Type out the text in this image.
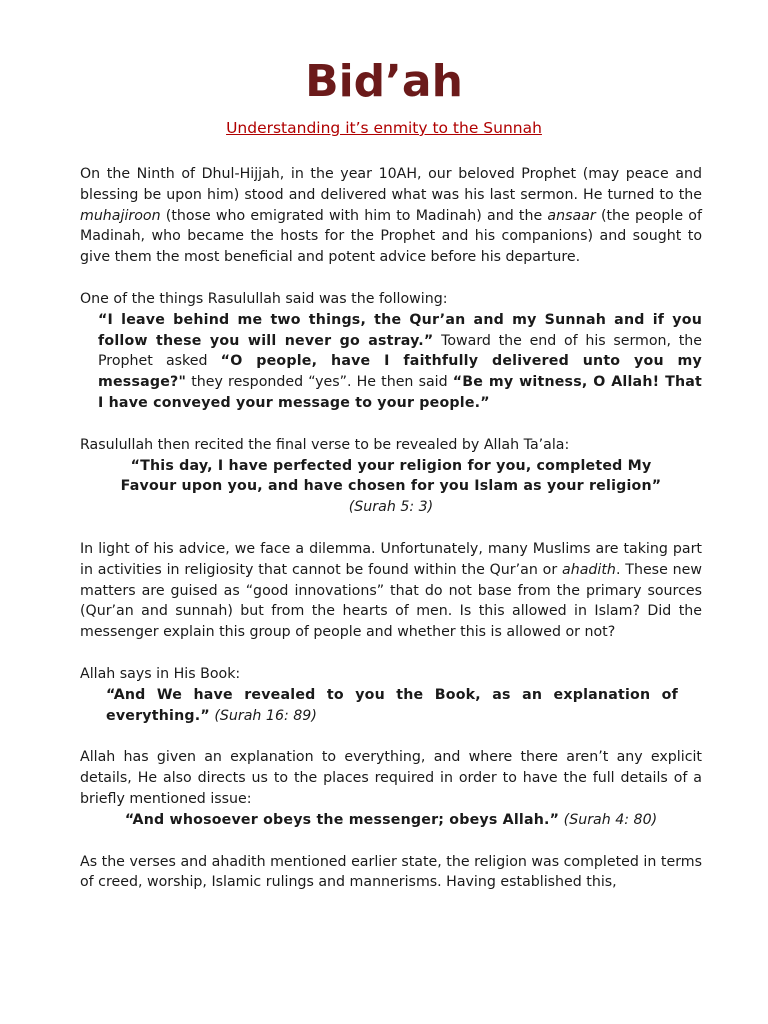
Bid’ah
Understanding it’s enmity to the Sunnah

On the Ninth of Dhul-Hijjah, in the year 10AH, our beloved Prophet (may peace and blessing be upon him) stood and delivered what was his last sermon. He turned to the muhajiroon (those who emigrated with him to Madinah) and the ansaar (the people of Madinah, who became the hosts for the Prophet and his companions) and sought to give them the most beneficial and potent advice before his departure.

One of the things Rasulullah said was the following:

“I leave behind me two things, the Qur’an and my Sunnah and if you follow these you will never go astray.” Toward the end of his sermon, the Prophet asked “O people, have I faithfully delivered unto you my message?" they responded “yes”. He then said “Be my witness, O Allah! That I have conveyed your message to your people.”

Rasulullah then recited the final verse to be revealed by Allah Ta’ala:

“This day, I have perfected your religion for you, completed My

Favour upon you, and have chosen for you Islam as your religion”

(Surah 5: 3)

In light of his advice, we face a dilemma. Unfortunately, many Muslims are taking part in activities in religiosity that cannot be found within the Qur’an or ahadith. These new matters are guised as “good innovations” that do not base from the primary sources (Qur’an and sunnah) but from the hearts of men. Is this allowed in Islam? Did the messenger explain this group of people and whether this is allowed or not?

Allah says in His Book:

“And We have revealed to you the Book, as an explanation of everything.” (Surah 16: 89)

Allah has given an explanation to everything, and where there aren’t any explicit details, He also directs us to the places required in order to have the full details of a briefly mentioned issue:

“And whosoever obeys the messenger; obeys Allah.” (Surah 4: 80)

As the verses and ahadith mentioned earlier state, the religion was completed in terms of creed, worship, Islamic rulings and mannerisms. Having established this,
